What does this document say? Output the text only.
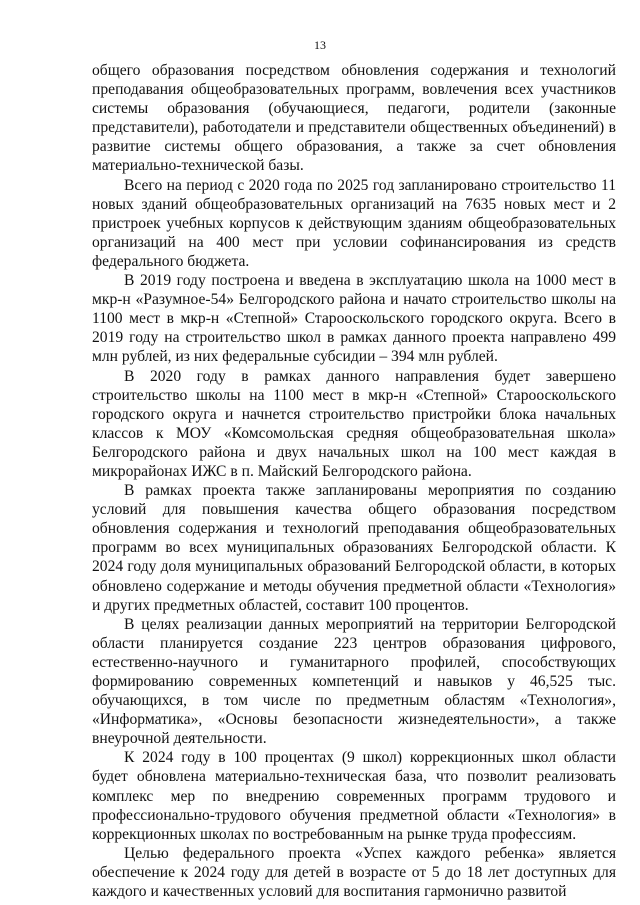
13

общего образования посредством обновления содержания и технологий преподавания общеобразовательных программ, вовлечения всех участников системы образования (обучающиеся, педагоги, родители (законные представители), работодатели и представители общественных объединений) в развитие системы общего образования, а также за счет обновления материально-технической базы.

Всего на период с 2020 года по 2025 год запланировано строительство 11 новых зданий общеобразовательных организаций на 7635 новых мест и 2 пристроек учебных корпусов к действующим зданиям общеобразовательных организаций на 400 мест при условии софинансирования из средств федерального бюджета.

В 2019 году построена и введена в эксплуатацию школа на 1000 мест в мкр-н «Разумное-54» Белгородского района и начато строительство школы на 1100 мест в мкр-н «Степной» Старооскольского городского округа. Всего в 2019 году на строительство школ в рамках данного проекта направлено 499 млн рублей, из них федеральные субсидии – 394 млн рублей.

В 2020 году в рамках данного направления будет завершено строительство школы на 1100 мест в мкр-н «Степной» Старооскольского городского округа и начнется строительство пристройки блока начальных классов к МОУ «Комсомольская средняя общеобразовательная школа» Белгородского района и двух начальных школ на 100 мест каждая в микрорайонах ИЖС в п. Майский Белгородского района.

В рамках проекта также запланированы мероприятия по созданию условий для повышения качества общего образования посредством обновления содержания и технологий преподавания общеобразовательных программ во всех муниципальных образованиях Белгородской области. К 2024 году доля муниципальных образований Белгородской области, в которых обновлено содержание и методы обучения предметной области «Технология» и других предметных областей, составит 100 процентов.

В целях реализации данных мероприятий на территории Белгородской области планируется создание 223 центров образования цифрового, естественно-научного и гуманитарного профилей, способствующих формированию современных компетенций и навыков у 46,525 тыс. обучающихся, в том числе по предметным областям «Технология», «Информатика», «Основы безопасности жизнедеятельности», а также внеурочной деятельности.

К 2024 году в 100 процентах (9 школ) коррекционных школ области будет обновлена материально-техническая база, что позволит реализовать комплекс мер по внедрению современных программ трудового и профессионально-трудового обучения предметной области «Технология» в коррекционных школах по востребованным на рынке труда профессиям.

Целью федерального проекта «Успех каждого ребенка» является обеспечение к 2024 году для детей в возрасте от 5 до 18 лет доступных для каждого и качественных условий для воспитания гармонично развитой
